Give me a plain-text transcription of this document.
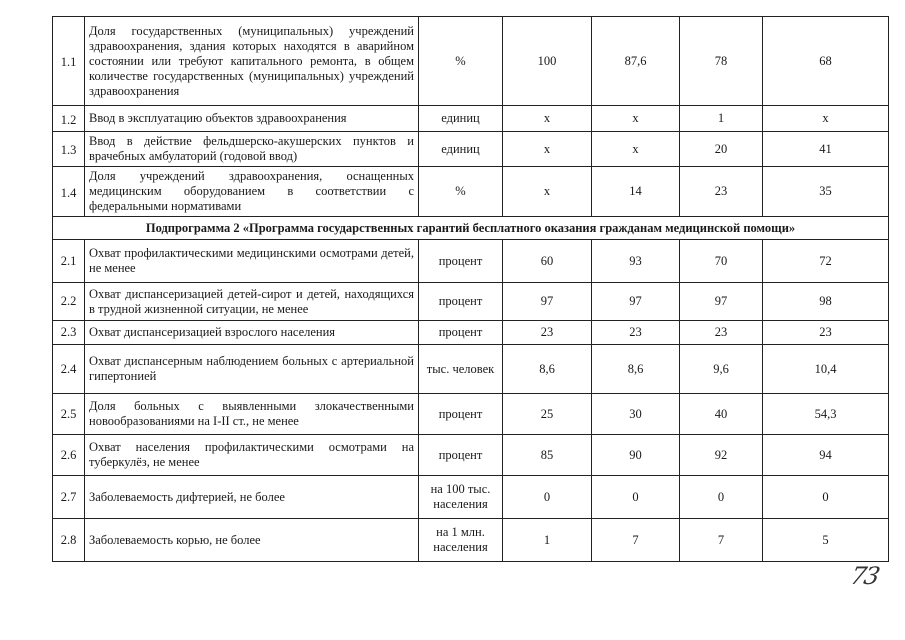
1.1	Доля государственных (муниципальных) учреждений здравоохранения, здания которых находятся в аварийном состоянии или требуют капитального ремонта, в общем количестве государственных (муниципальных) учреждений здравоохранения	%	100	87,6	78	68
1.2	Ввод в эксплуатацию объектов здравоохранения	единиц	х	х	1	х
1.3	Ввод в действие фельдшерско-акушерских пунктов и врачебных амбулаторий (годовой ввод)	единиц	х	х	20	41
1.4	Доля учреждений здравоохранения, оснащенных медицинским оборудованием в соответствии с федеральными нормативами	%	х	14	23	35
Подпрограмма 2 «Программа государственных гарантий бесплатного оказания гражданам медицинской помощи»						
2.1	Охват профилактическими медицинскими осмотрами детей, не менее	процент	60	93	70	72
2.2	Охват диспансеризацией детей-сирот и детей, находящихся в трудной жизненной ситуации, не менее	процент	97	97	97	98
2.3	Охват диспансеризацией взрослого населения	процент	23	23	23	23
2.4	Охват диспансерным наблюдением больных с артериальной гипертонией	тыс. человек	8,6	8,6	9,6	10,4
2.5	Доля больных с выявленными злокачественными новообразованиями на I-II ст., не менее	процент	25	30	40	54,3
2.6	Охват населения профилактическими осмотрами на туберкулёз, не менее	процент	85	90	92	94
2.7	Заболеваемость дифтерией, не более	на 100 тыс. населения	0	0	0	0
2.8	Заболеваемость корью, не более	на 1 млн. населения	1	7	7	5
73
